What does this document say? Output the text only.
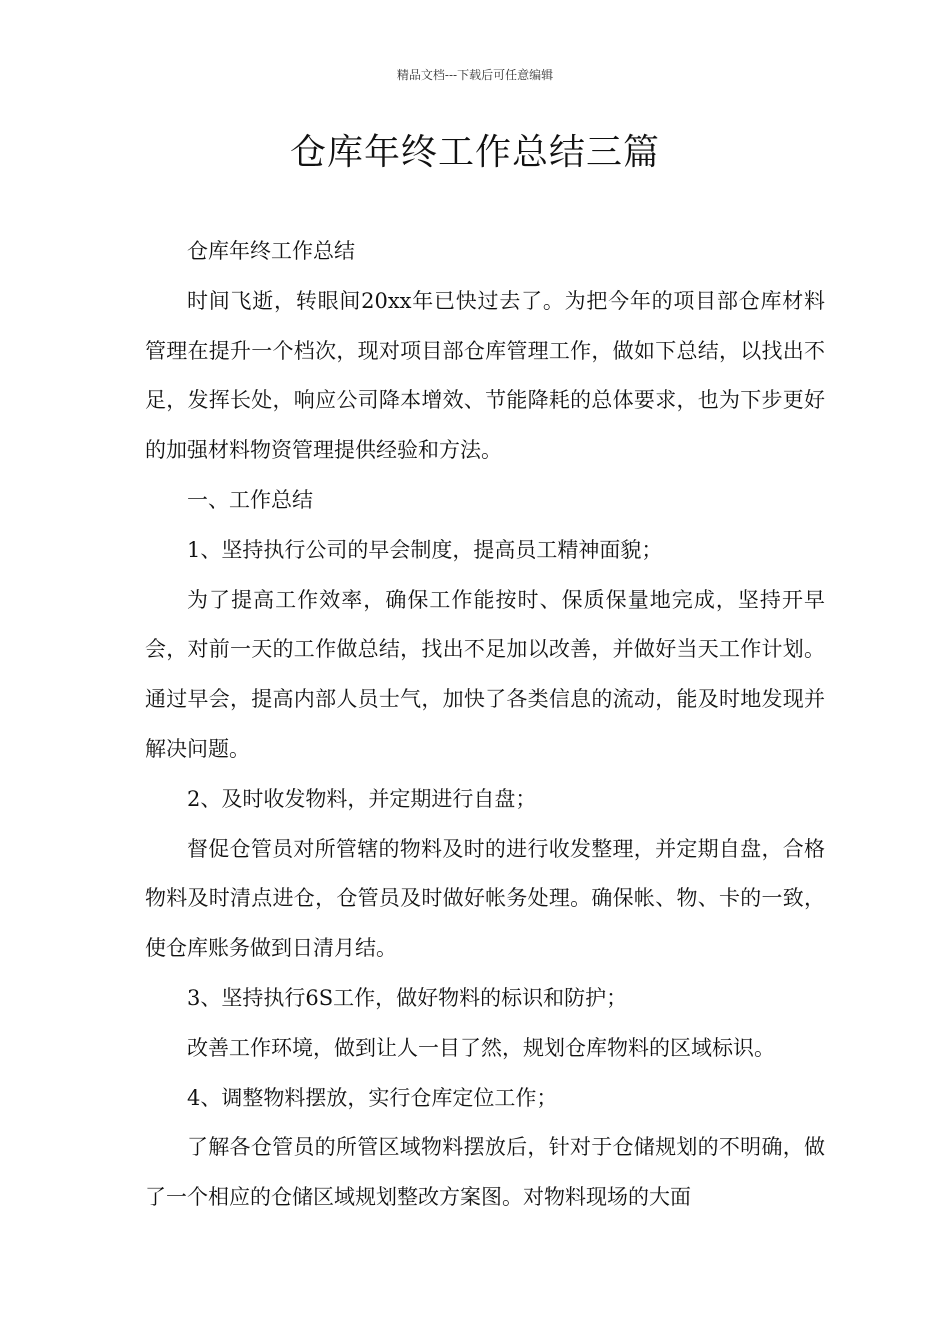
精品文档---下载后可任意编辑
仓库年终工作总结三篇

仓库年终工作总结

时间飞逝，转眼间20xx年已快过去了。为把今年的项目部仓库材料管理在提升一个档次，现对项目部仓库管理工作，做如下总结，以找出不足，发挥长处，响应公司降本增效、节能降耗的总体要求，也为下步更好的加强材料物资管理提供经验和方法。

一、工作总结

1、坚持执行公司的早会制度，提高员工精神面貌；

为了提高工作效率，确保工作能按时、保质保量地完成，坚持开早会，对前一天的工作做总结，找出不足加以改善，并做好当天工作计划。通过早会，提高内部人员士气，加快了各类信息的流动，能及时地发现并解决问题。

2、及时收发物料，并定期进行自盘；

督促仓管员对所管辖的物料及时的进行收发整理，并定期自盘，合格物料及时清点进仓，仓管员及时做好帐务处理。确保帐、物、卡的一致，使仓库账务做到日清月结。

3、坚持执行6S工作，做好物料的标识和防护；

改善工作环境，做到让人一目了然，规划仓库物料的区域标识。

4、调整物料摆放，实行仓库定位工作；

了解各仓管员的所管区域物料摆放后，针对于仓储规划的不明确，做了一个相应的仓储区域规划整改方案图。对物料现场的大面
